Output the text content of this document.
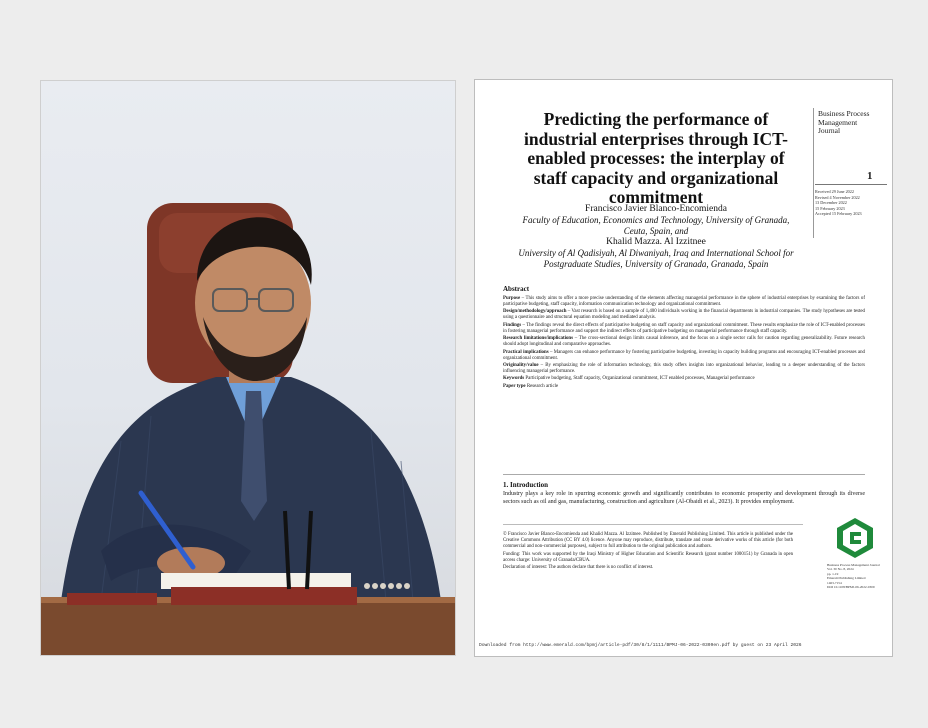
Predicting the performance of industrial enterprises through ICT-enabled processes: the interplay of staff capacity and organizational commitment
Business Process
Management
Journal
1
Received 29 June 2022
Revised 4 November 2022
13 December 2022
15 February 2023
Accepted 15 February 2023
Francisco Javier Blanco-Encomienda
Faculty of Education, Economics and Technology, University of Granada, Ceuta, Spain, and
Khalid Mazza. Al Izzitnee
University of Al Qadisiyah, Al Diwaniyah, Iraq and International School for Postgraduate Studies, University of Granada, Granada, Spain
Abstract

Purpose – This study aims to offer a more precise understanding of the elements affecting managerial performance in the sphere of industrial enterprises by examining the factors of participative budgeting, staff capacity, information communication technology and organizational commitment.

Design/methodology/approach – Vast research is based on a sample of 1,400 individuals working in the financial departments in industrial companies. The study hypotheses are tested using a questionnaire and structural equation modeling and mediated analysis.

Findings – The findings reveal the direct effects of participative budgeting on staff capacity and organizational commitment. These results emphasize the role of ICT-enabled processes in fostering managerial performance and support the indirect effects of participative budgeting on managerial performance through staff capacity.

Research limitations/implications – The cross-sectional design limits causal inference, and the focus on a single sector calls for caution regarding generalizability. Future research should adopt longitudinal and comparative approaches.

Practical implications – Managers can enhance performance by fostering participative budgeting, investing in capacity building programs and encouraging ICT-enabled processes and organizational commitment.

Originality/value – By emphasizing the role of information technology, this study offers insights into organizational behavior, leading to a deeper understanding of the factors influencing managerial performance.

Keywords Participative budgeting, Staff capacity, Organizational commitment, ICT enabled processes, Managerial performance

Paper type Research article

1. Introduction
Industry plays a key role in spurring economic growth and significantly contributes to economic prosperity and development through its diverse sectors such as oil and gas, manufacturing, construction and agriculture (Al-Obaidi et al., 2023). It provides employment.

© Francisco Javier Blanco-Encomienda and Khalid Mazza. Al Izzitnee. Published by Emerald Publishing Limited. This article is published under the Creative Commons Attribution (CC BY 4.0) licence. Anyone may reproduce, distribute, translate and create derivative works of this article (for both commercial and non-commercial purposes), subject to full attribution to the original publication and authors.

Funding: This work was supported by the Iraqi Ministry of Higher Education and Scientific Research (grant number 1000151) by Granada in open access charge: University of Granada/CBUA.

Declaration of interest: The authors declare that there is no conflict of interest.

Business Process Management Journal
Vol. 30 No. 8, 2024
pp. 1-19
Emerald Publishing Limited
1463-7154
DOI 10.1108/BPMJ-06-2022-0309
Downloaded from http://www.emerald.com/bpmj/article-pdf/30/8/1/1111/BPMJ-06-2022-0309en.pdf by guest on 23 April 2026
